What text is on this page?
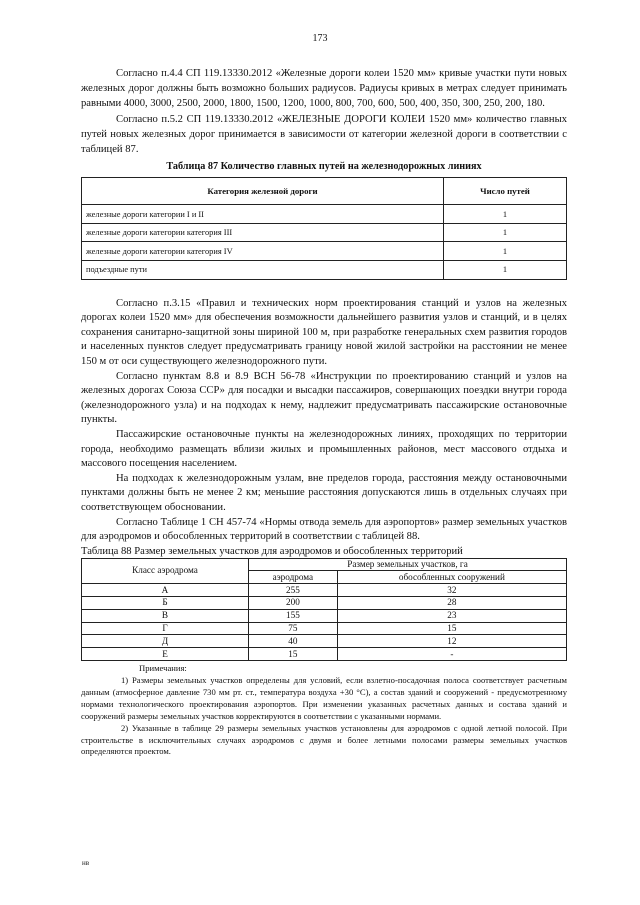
173

Согласно п.4.4 СП 119.13330.2012 «Железные дороги колеи 1520 мм» кривые участки пути новых железных дорог должны быть возможно больших радиусов. Радиусы кривых в метрах следует принимать равными 4000, 3000, 2500, 2000, 1800, 1500, 1200, 1000, 800, 700, 600, 500, 400, 350, 300, 250, 200, 180.

Согласно п.5.2 СП 119.13330.2012 «ЖЕЛЕЗНЫЕ ДОРОГИ КОЛЕИ 1520 мм» количество главных путей новых железных дорог принимается в зависимости от категории железной дороги в соответствии с таблицей 87.

Таблица 87 Количество главных путей на железнодорожных линиях
Категория железной дороги	Число путей
железные дороги категории I и II	1
железные дороги категории категория III	1
железные дороги категории категория IV	1
подъездные пути	1

Согласно п.3.15 «Правил и технических норм проектирования станций и узлов на железных дорогах колеи 1520 мм» для обеспечения возможности дальнейшего развития узлов и станций, и в целях сохранения санитарно-защитной зоны шириной 100 м, при разработке генеральных схем развития городов и населенных пунктов следует предусматривать границу новой жилой застройки на расстоянии не менее 150 м от оси существующего железнодорожного пути.

Согласно пунктам 8.8 и 8.9 ВСН 56-78 «Инструкции по проектированию станций и узлов на железных дорогах Союза ССР» для посадки и высадки пассажиров, совершающих поездки внутри города (железнодорожного узла) и на подходах к нему, надлежит предусматривать пассажирские остановочные пункты.

Пассажирские остановочные пункты на железнодорожных линиях, проходящих по территории города, необходимо размещать вблизи жилых и промышленных районов, мест массового отдыха и массового посещения населением.

На подходах к железнодорожным узлам, вне пределов города, расстояния между остановочными пунктами должны быть не менее 2 км; меньшие расстояния допускаются лишь в отдельных случаях при соответствующем обосновании.

Согласно Таблице 1 СН 457-74 «Нормы отвода земель для аэропортов» размер земельных участков для аэродромов и обособленных территорий в соответствии с таблицей 88.

Таблица 88 Размер земельных участков для аэродромов и обособленных территорий
Класс аэродрома	Размер земельных участков, га	
	аэродрома	обособленных сооружений
А	255	32
Б	200	28
В	155	23
Г	75	15
Д	40	12
Е	15	-
Примечания:
1) Размеры земельных участков определены для условий, если взлетно-посадочная полоса соответствует расчетным данным (атмосферное давление 730 мм рт. ст., температура воздуха +30 °С), а состав зданий и сооружений - предусмотренному нормами технологического проектирования аэропортов. При изменении указанных расчетных данных и состава зданий и сооружений размеры земельных участков корректируются в соответствии с указанными нормами.
2) Указанные в таблице 29 размеры земельных участков установлены для аэродромов с одной летной полосой. При строительстве в исключительных случаях аэродромов с двумя и более летными полосами размеры земельных участков определяются проектом.
нв
